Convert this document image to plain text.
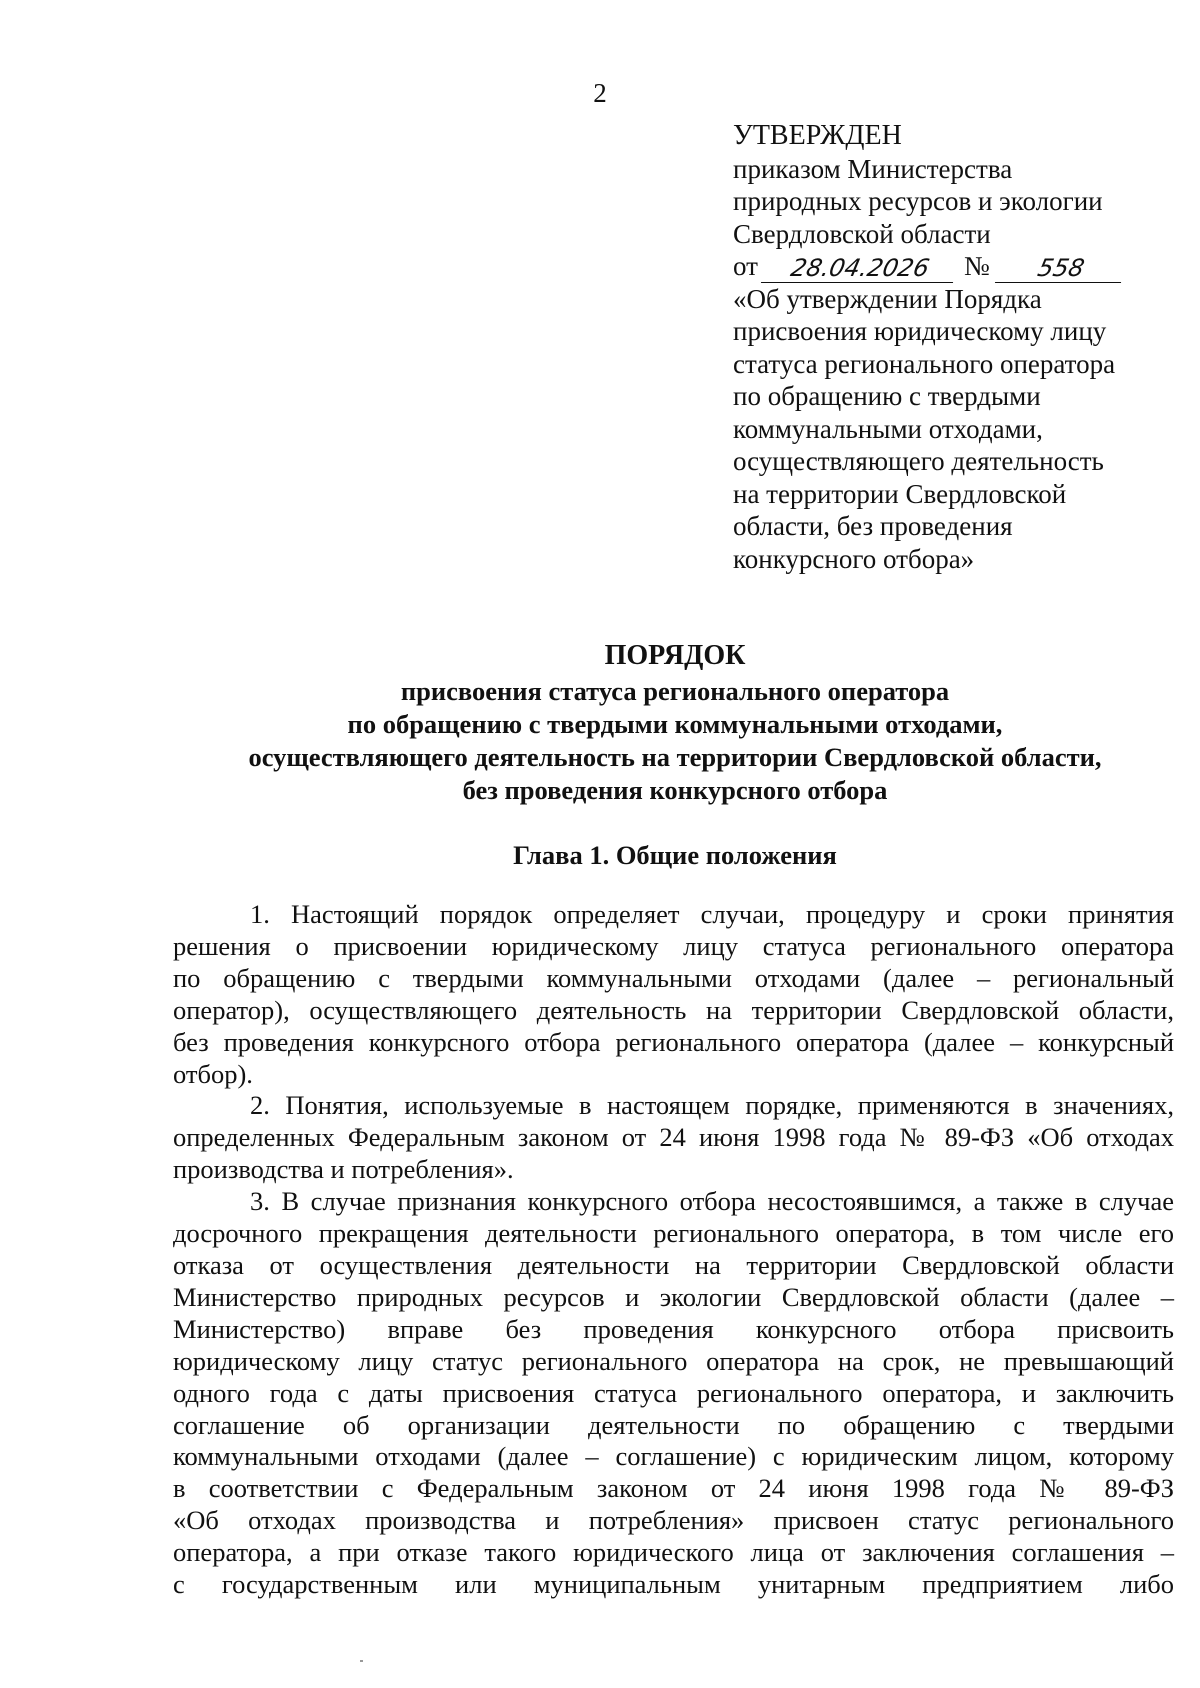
2
УТВЕРЖДЕН
приказом Министерства
природных ресурсов и экологии
Свердловской области
от	28.04.2026	№	558
«Об утверждении Порядка
присвоения юридическому лицу
статуса регионального оператора
по обращению с твердыми
коммунальными отходами,
осуществляющего деятельность
на территории Свердловской
области, без проведения
конкурсного отбора»
ПОРЯДОК
присвоения статуса регионального оператора
по обращению с твердыми коммунальными отходами,
осуществляющего деятельность на территории Свердловской области,
без проведения конкурсного отбора
Глава 1. Общие положения
1. Настоящий порядок определяет случаи, процедуру и сроки принятия
решения о присвоении юридическому лицу статуса регионального оператора
по обращению с твердыми коммунальными отходами (далее – региональный
оператор), осуществляющего деятельность на территории Свердловской области,
без проведения конкурсного отбора регионального оператора (далее – конкурсный
отбор).
2. Понятия, используемые в настоящем порядке, применяются в значениях,
определенных Федеральным законом от 24 июня 1998 года № 89-ФЗ «Об отходах
производства и потребления».
3. В случае признания конкурсного отбора несостоявшимся, а также в случае
досрочного прекращения деятельности регионального оператора, в том числе его
отказа от осуществления деятельности на территории Свердловской области
Министерство природных ресурсов и экологии Свердловской области (далее –
Министерство) вправе без проведения конкурсного отбора присвоить
юридическому лицу статус регионального оператора на срок, не превышающий
одного года с даты присвоения статуса регионального оператора, и заключить
соглашение об организации деятельности по обращению с твердыми
коммунальными отходами (далее – соглашение) с юридическим лицом, которому
в соответствии с Федеральным законом от 24 июня 1998 года № 89-ФЗ
«Об отходах производства и потребления» присвоен статус регионального
оператора, а при отказе такого юридического лица от заключения соглашения –
с государственным или муниципальным унитарным предприятием либо
